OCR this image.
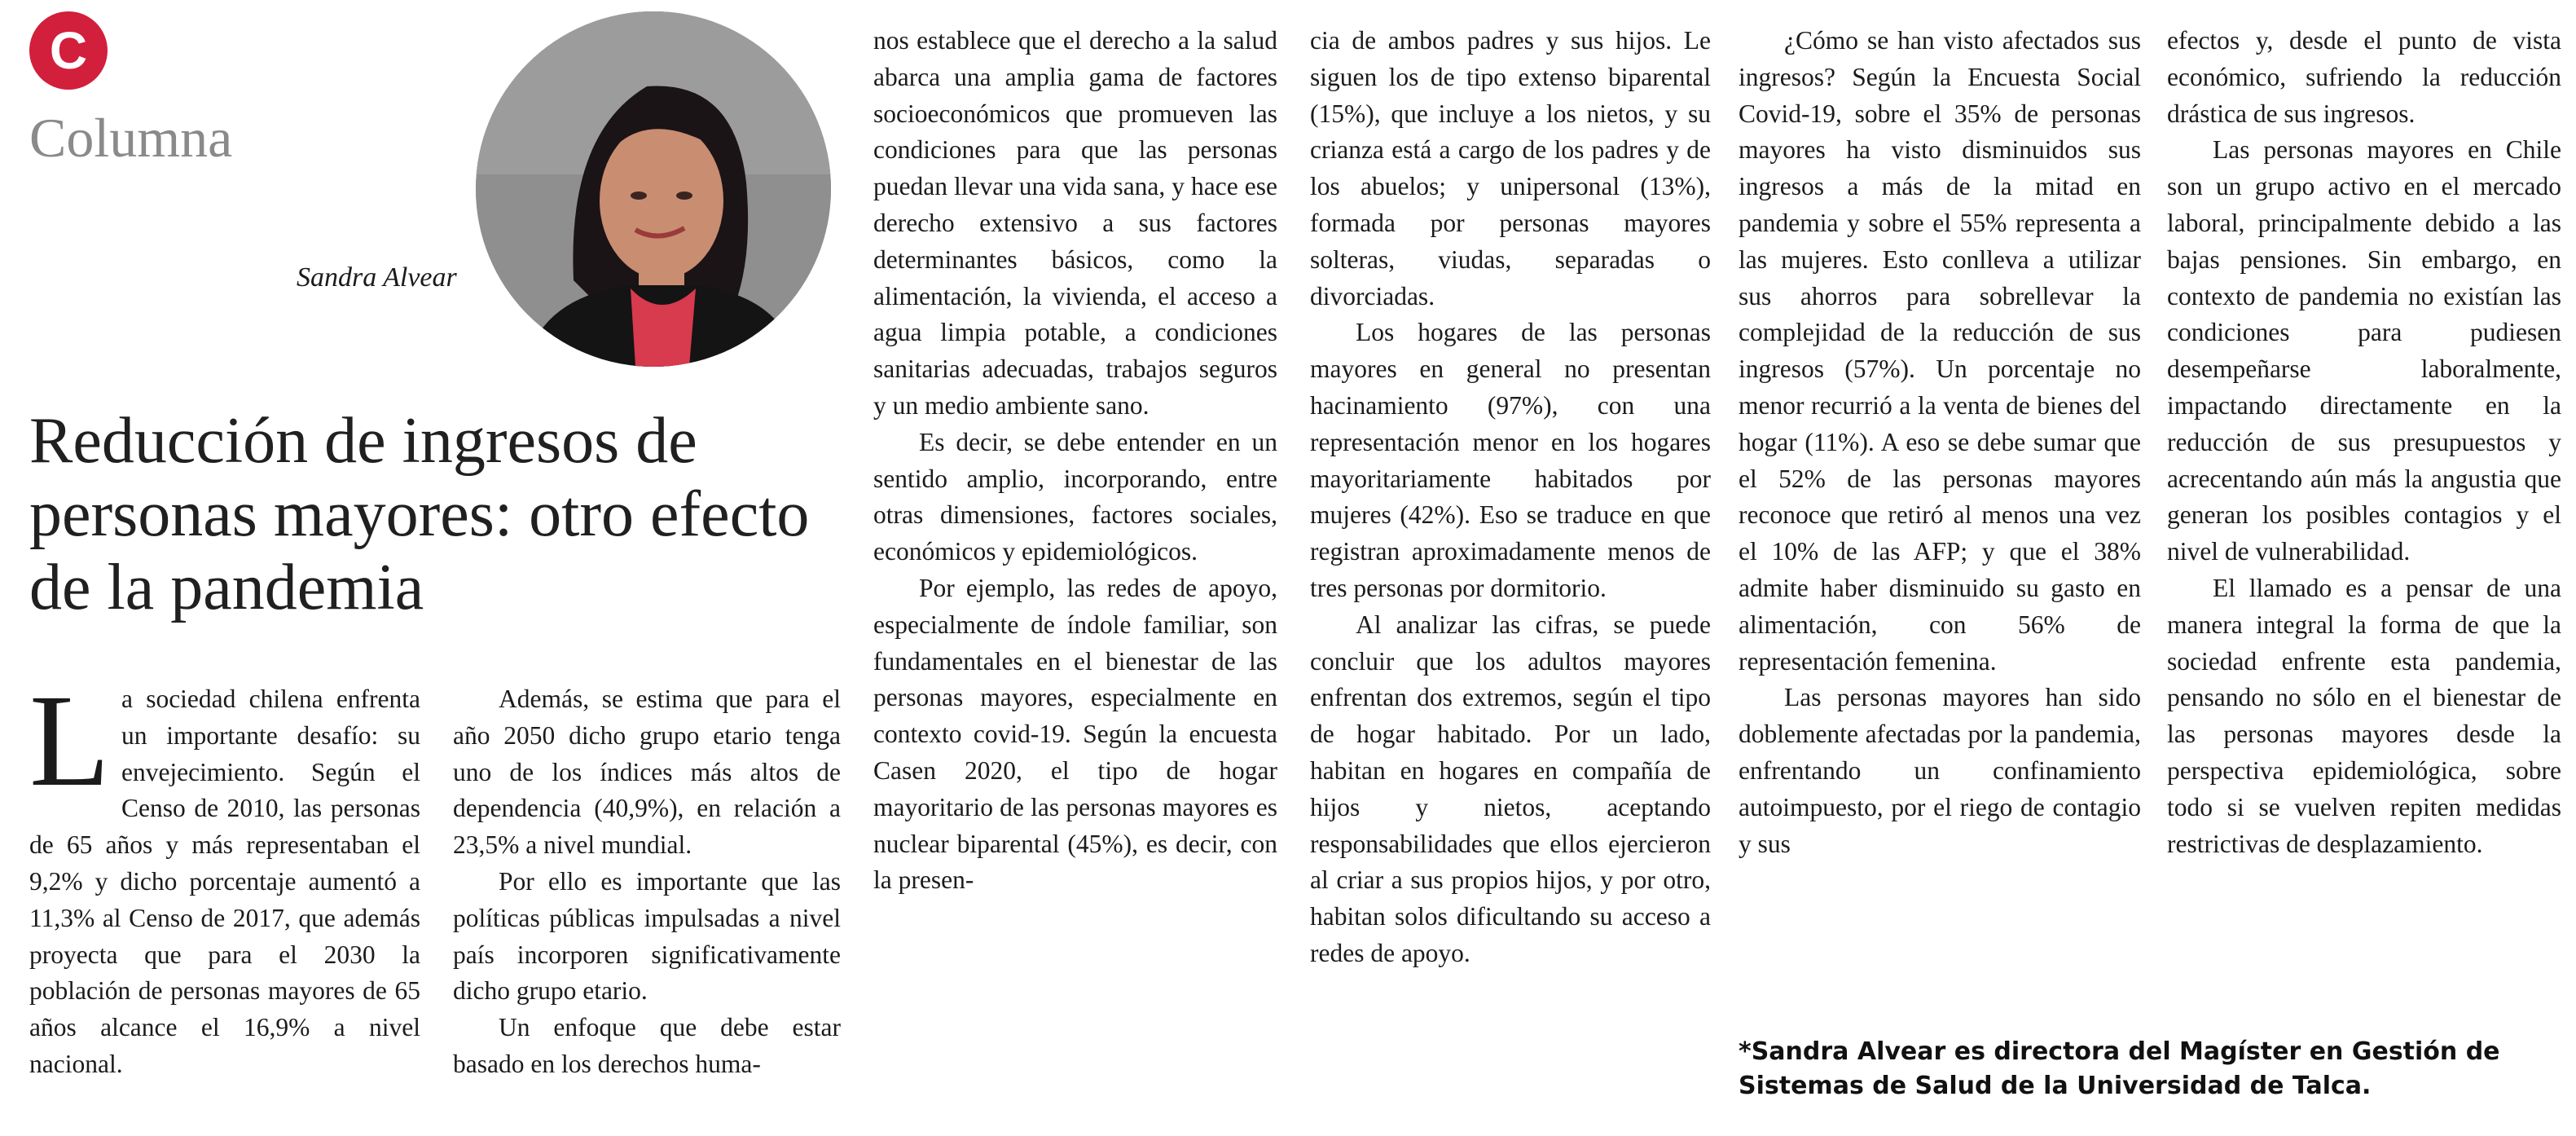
C
Columna
Sandra Alvear
Reducción de ingresos de personas mayores: otro efecto de la pandemia
L a sociedad chilena enfrenta un importante desafío: su envejecimiento. Según el Censo de 2010, las personas de 65 años y más representaban el 9,2% y dicho porcentaje aumentó a 11,3% al Censo de 2017, que además proyecta que para el 2030 la población de personas mayores de 65 años alcance el 16,9% a nivel nacional.

Además, se estima que para el año 2050 dicho grupo etario tenga uno de los índices más altos de dependencia (40,9%), en relación a 23,5% a nivel mundial.

Por ello es importante que las políticas públicas impulsadas a nivel país incorporen significativamente dicho grupo etario.

Un enfoque que debe estar basado en los derechos huma-

nos establece que el derecho a la salud abarca una amplia gama de factores socioeconómicos que promueven las condiciones para que las personas puedan llevar una vida sana, y hace ese derecho extensivo a sus factores determinantes básicos, como la alimentación, la vivienda, el acceso a agua limpia potable, a condiciones sanitarias adecuadas, trabajos seguros y un medio ambiente sano.

Es decir, se debe entender en un sentido amplio, incorporando, entre otras dimensiones, factores sociales, económicos y epidemiológicos.

Por ejemplo, las redes de apoyo, especialmente de índole familiar, son fundamentales en el bienestar de las personas mayores, especialmente en contexto covid-19. Según la encuesta Casen 2020, el tipo de hogar mayoritario de las personas mayores es nuclear biparental (45%), es decir, con la presen-

cia de ambos padres y sus hijos. Le siguen los de tipo extenso biparental (15%), que incluye a los nietos, y su crianza está a cargo de los padres y de los abuelos; y unipersonal (13%), formada por personas mayores solteras, viudas, separadas o divorciadas.

Los hogares de las personas mayores en general no presentan hacinamiento (97%), con una representación menor en los hogares mayoritariamente habitados por mujeres (42%). Eso se traduce en que registran aproximadamente menos de tres personas por dormitorio.

Al analizar las cifras, se puede concluir que los adultos mayores enfrentan dos extremos, según el tipo de hogar habitado. Por un lado, habitan en hogares en compañía de hijos y nietos, aceptando responsabilidades que ellos ejercieron al criar a sus propios hijos, y por otro, habitan solos dificultando su acceso a redes de apoyo.

¿Cómo se han visto afectados sus ingresos? Según la Encuesta Social Covid-19, sobre el 35% de personas mayores ha visto disminuidos sus ingresos a más de la mitad en pandemia y sobre el 55% representa a las mujeres. Esto conlleva a utilizar sus ahorros para sobrellevar la complejidad de la reducción de sus ingresos (57%). Un porcentaje no menor recurrió a la venta de bienes del hogar (11%). A eso se debe sumar que el 52% de las personas mayores reconoce que retiró al menos una vez el 10% de las AFP; y que el 38% admite haber disminuido su gasto en alimentación, con 56% de representación femenina.

Las personas mayores han sido doblemente afectadas por la pandemia, enfrentando un confinamiento autoimpuesto, por el riego de contagio y sus

efectos y, desde el punto de vista económico, sufriendo la reducción drástica de sus ingresos.

Las personas mayores en Chile son un grupo activo en el mercado laboral, principalmente debido a las bajas pensiones. Sin embargo, en contexto de pandemia no existían las condiciones para pudiesen desempeñarse laboralmente, impactando directamente en la reducción de sus presupuestos y acrecentando aún más la angustia que generan los posibles contagios y el nivel de vulnerabilidad.

El llamado es a pensar de una manera integral la forma de que la sociedad enfrente esta pandemia, pensando no sólo en el bienestar de las personas mayores desde la perspectiva epidemiológica, sobre todo si se vuelven repiten medidas restrictivas de desplazamiento.

*Sandra Alvear es directora del Magíster en Gestión de Sistemas de Salud de la Universidad de Talca.
